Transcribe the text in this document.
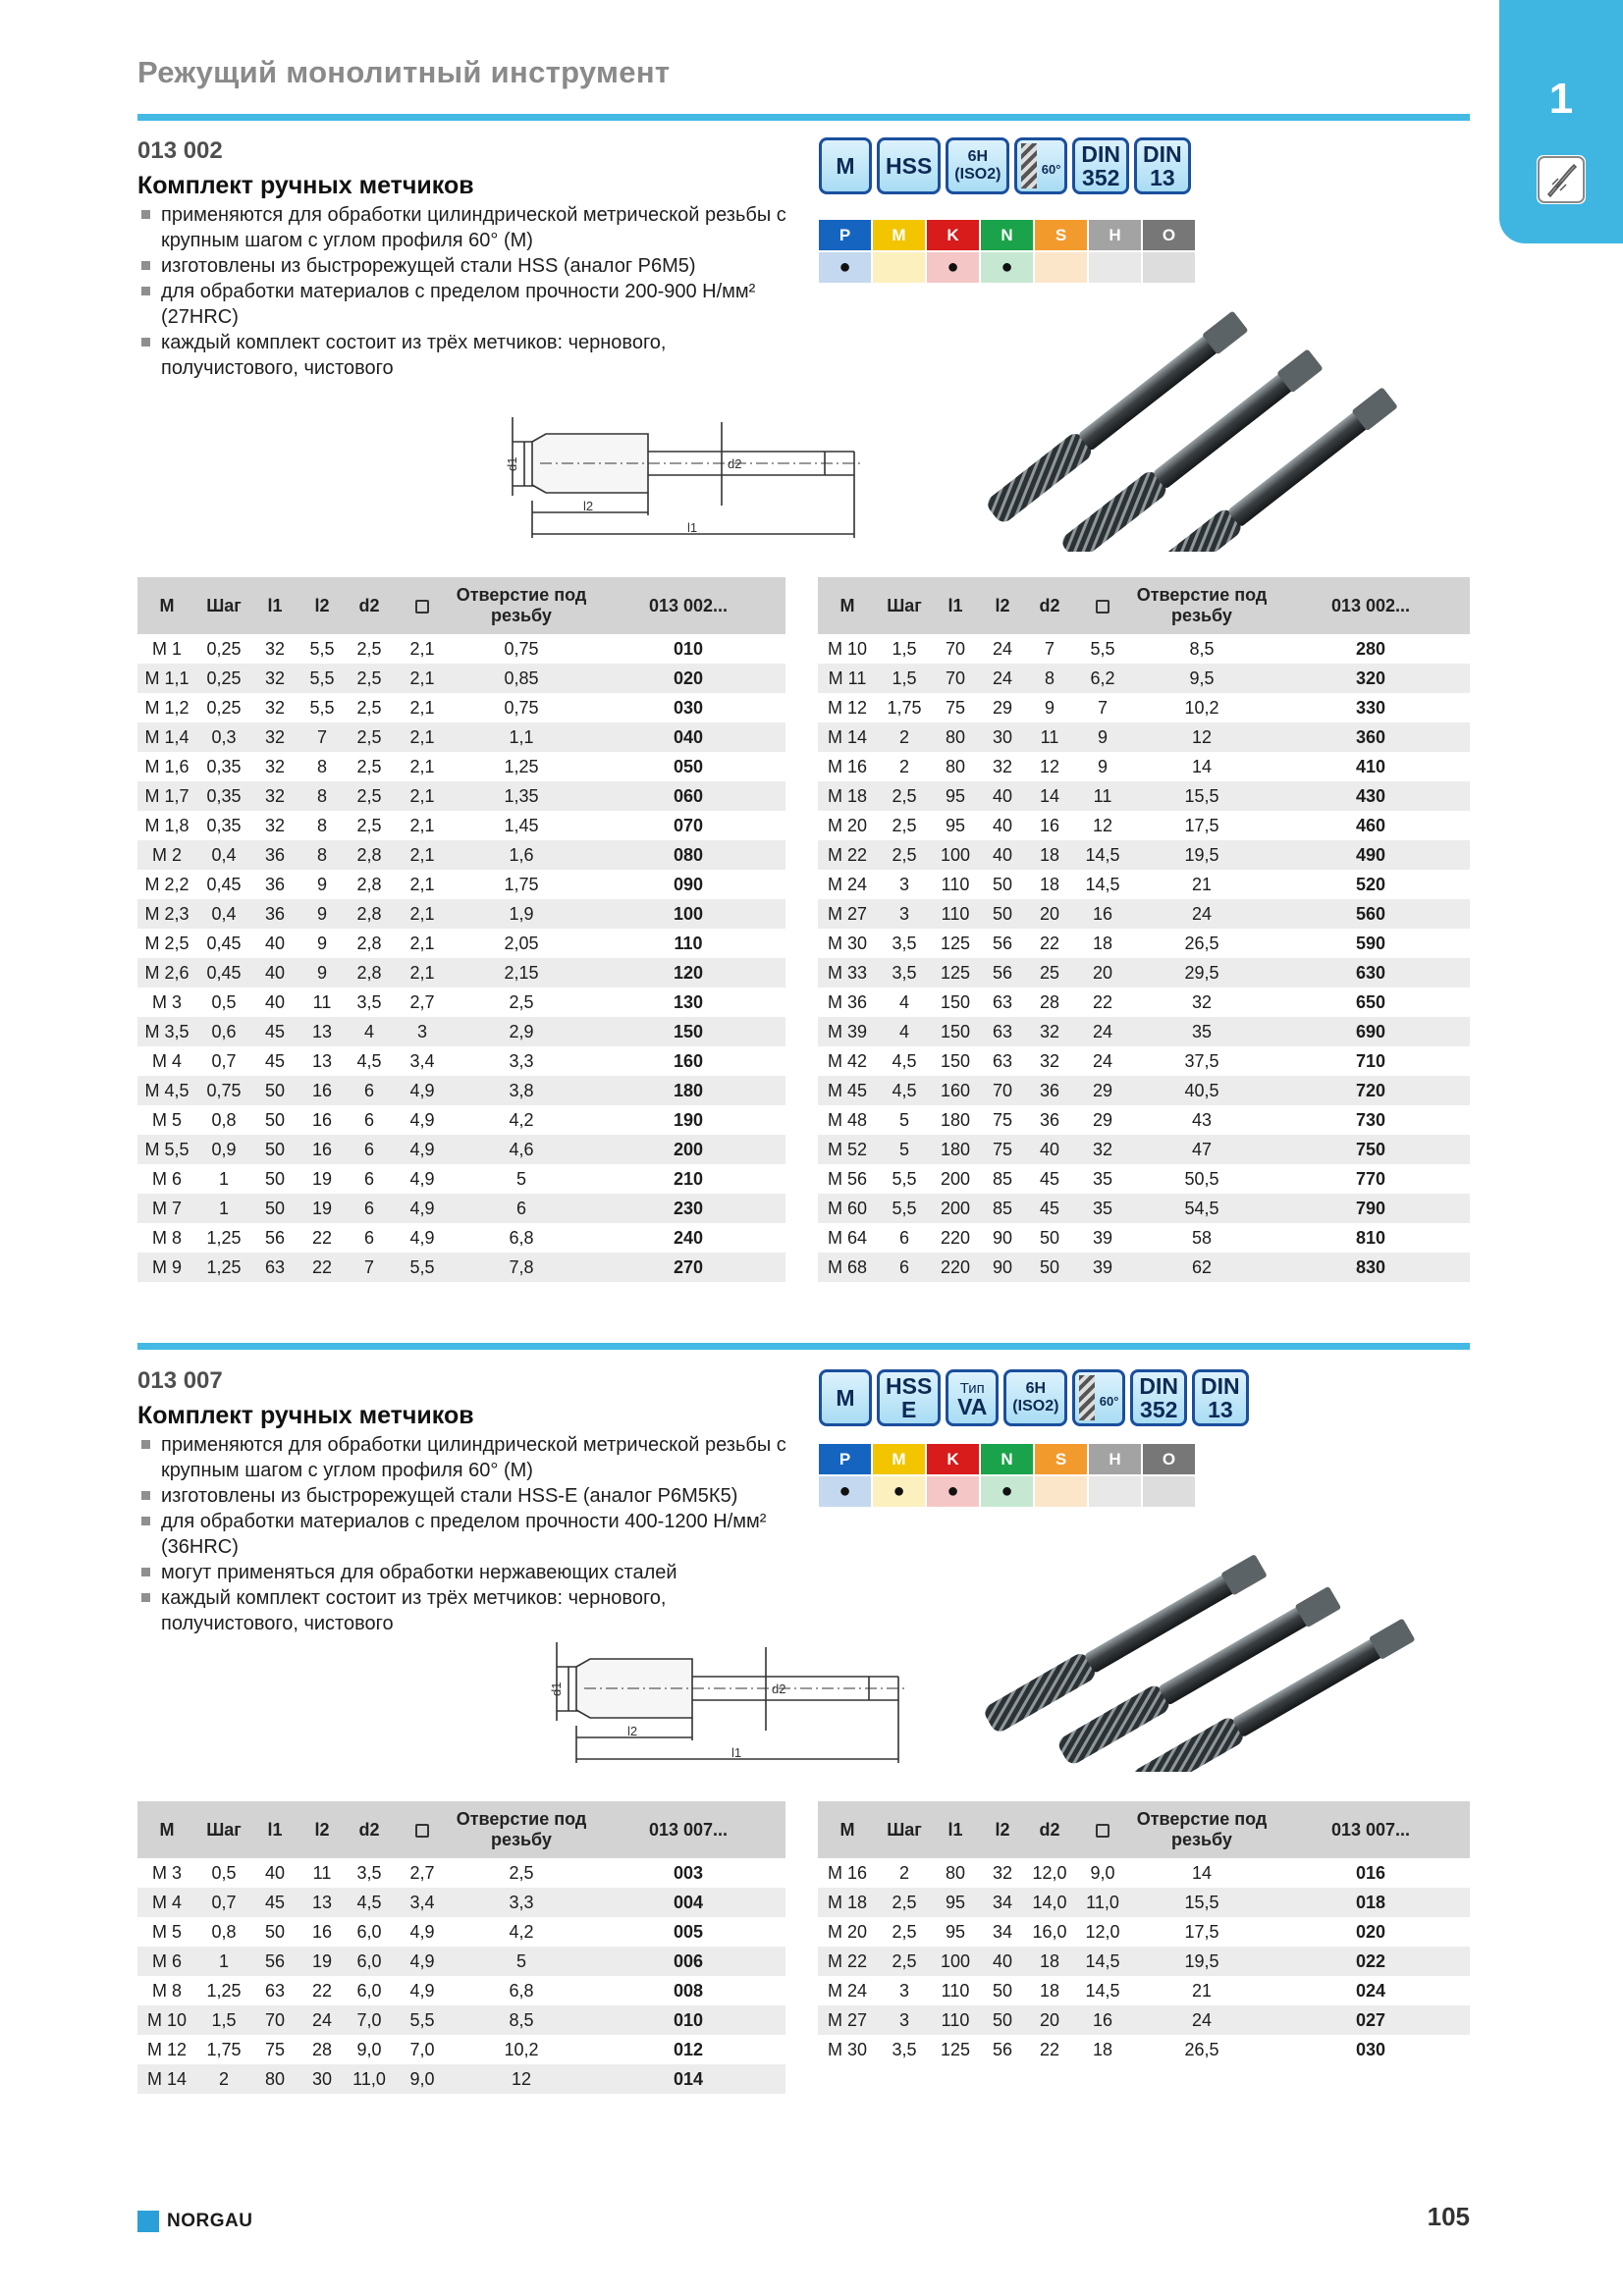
Режущий монолитный инструмент
1
013 002
Комплект ручных метчиков
применяются для обработки цилиндрической метрической резьбы с крупным шагом с углом профиля 60° (М)
изготовлены из быстрорежущей стали HSS (аналог Р6М5)
для обработки материалов с пределом прочности 200-900 Н/мм² (27HRC)
каждый комплект состоит из трёх метчиков: чернового, получистового, чистового
M HSS 6H
(ISO2)	60°
DIN
352
DIN
13
P	M	K	N	S	H	O
●	●	●
d1	d2
l2
l1
M	Шаг	l1	l2	d2		Отверстие под резьбу	013 002...
M 1	0,25	32	5,5	2,5	2,1	0,75	010
M 1,1	0,25	32	5,5	2,5	2,1	0,85	020
M 1,2	0,25	32	5,5	2,5	2,1	0,75	030
M 1,4	0,3	32	7	2,5	2,1	1,1	040
M 1,6	0,35	32	8	2,5	2,1	1,25	050
M 1,7	0,35	32	8	2,5	2,1	1,35	060
M 1,8	0,35	32	8	2,5	2,1	1,45	070
M 2	0,4	36	8	2,8	2,1	1,6	080
M 2,2	0,45	36	9	2,8	2,1	1,75	090
M 2,3	0,4	36	9	2,8	2,1	1,9	100
M 2,5	0,45	40	9	2,8	2,1	2,05	110
M 2,6	0,45	40	9	2,8	2,1	2,15	120
M 3	0,5	40	11	3,5	2,7	2,5	130
M 3,5	0,6	45	13	4	3	2,9	150
M 4	0,7	45	13	4,5	3,4	3,3	160
M 4,5	0,75	50	16	6	4,9	3,8	180
M 5	0,8	50	16	6	4,9	4,2	190
M 5,5	0,9	50	16	6	4,9	4,6	200
M 6	1	50	19	6	4,9	5	210
M 7	1	50	19	6	4,9	6	230
M 8	1,25	56	22	6	4,9	6,8	240
M 9	1,25	63	22	7	5,5	7,8	270
M	Шаг	l1	l2	d2		Отверстие под резьбу	013 002...
M 10	1,5	70	24	7	5,5	8,5	280
M 11	1,5	70	24	8	6,2	9,5	320
M 12	1,75	75	29	9	7	10,2	330
M 14	2	80	30	11	9	12	360
M 16	2	80	32	12	9	14	410
M 18	2,5	95	40	14	11	15,5	430
M 20	2,5	95	40	16	12	17,5	460
M 22	2,5	100	40	18	14,5	19,5	490
M 24	3	110	50	18	14,5	21	520
M 27	3	110	50	20	16	24	560
M 30	3,5	125	56	22	18	26,5	590
M 33	3,5	125	56	25	20	29,5	630
M 36	4	150	63	28	22	32	650
M 39	4	150	63	32	24	35	690
M 42	4,5	150	63	32	24	37,5	710
M 45	4,5	160	70	36	29	40,5	720
M 48	5	180	75	36	29	43	730
M 52	5	180	75	40	32	47	750
M 56	5,5	200	85	45	35	50,5	770
M 60	5,5	200	85	45	35	54,5	790
M 64	6	220	90	50	39	58	810
M 68	6	220	90	50	39	62	830
013 007
Комплект ручных метчиков
применяются для обработки цилиндрической метрической резьбы с крупным шагом с углом профиля 60° (М)
изготовлены из быстрорежущей стали HSS-E (аналог Р6М5К5)
для обработки материалов с пределом прочности 400-1200 Н/мм² (36HRC)
могут применяться для обработки нержавеющих сталей
каждый комплект состоит из трёх метчиков: чернового, получистового, чистового
M HSS
E
Тип
VA
6H
(ISO2)	60°
DIN
352
DIN
13
P	M	K	N	S	H	O
●	●	●	●
d1	d2
l2
l1
M	Шаг	l1	l2	d2		Отверстие под резьбу	013 007...
M 3	0,5	40	11	3,5	2,7	2,5	003
M 4	0,7	45	13	4,5	3,4	3,3	004
M 5	0,8	50	16	6,0	4,9	4,2	005
M 6	1	56	19	6,0	4,9	5	006
M 8	1,25	63	22	6,0	4,9	6,8	008
M 10	1,5	70	24	7,0	5,5	8,5	010
M 12	1,75	75	28	9,0	7,0	10,2	012
M 14	2	80	30	11,0	9,0	12	014
M	Шаг	l1	l2	d2		Отверстие под резьбу	013 007...
M 16	2	80	32	12,0	9,0	14	016
M 18	2,5	95	34	14,0	11,0	15,5	018
M 20	2,5	95	34	16,0	12,0	17,5	020
M 22	2,5	100	40	18	14,5	19,5	022
M 24	3	110	50	18	14,5	21	024
M 27	3	110	50	20	16	24	027
M 30	3,5	125	56	22	18	26,5	030
NORGAU	105
